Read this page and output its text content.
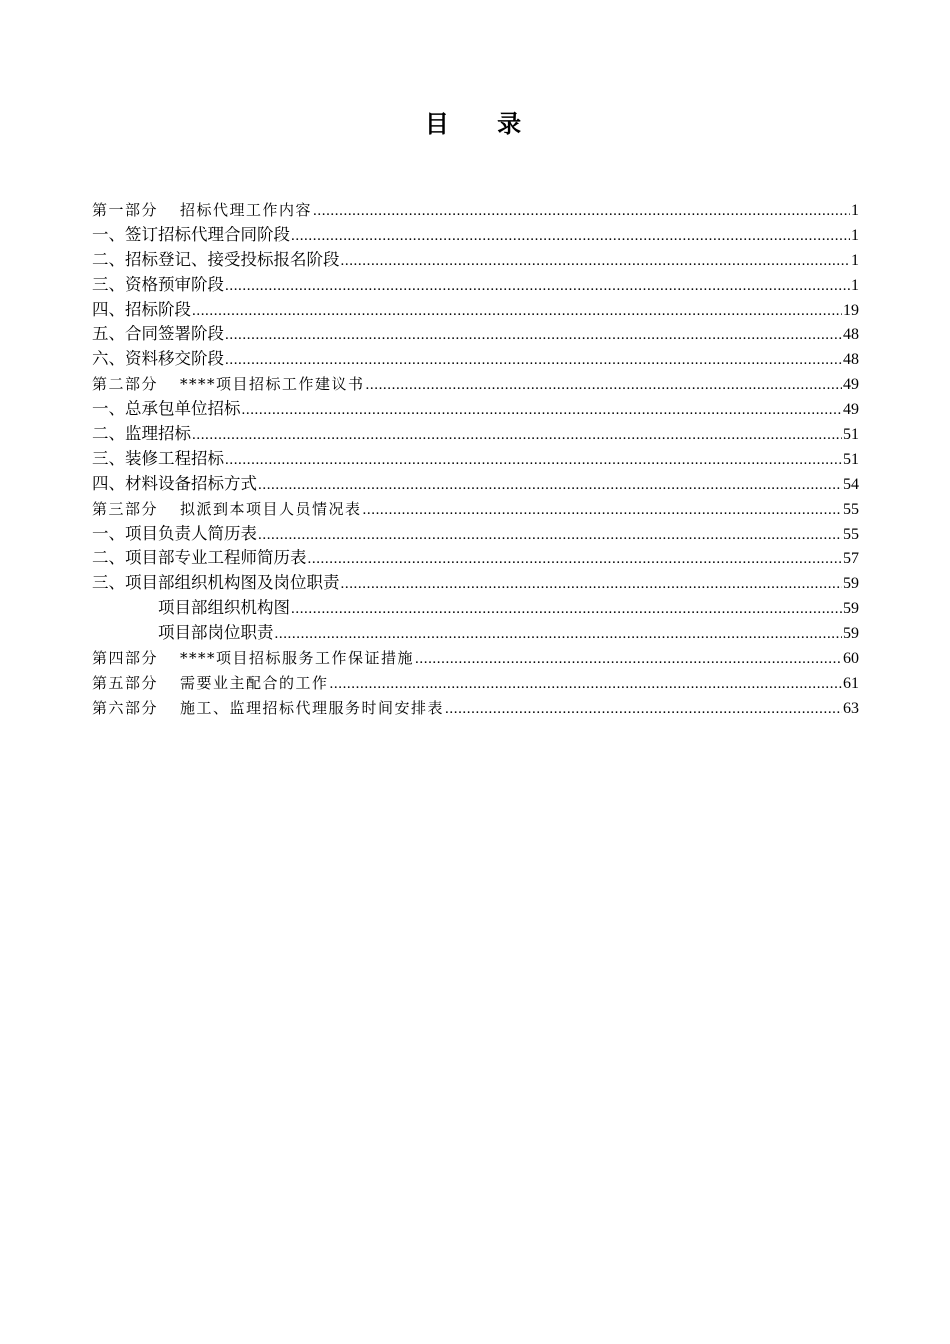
目 录
第一部分 招标代理工作内容 .....	1
一、签订招标代理合同阶段 .....	1
二、招标登记、接受投标报名阶段 .....	1
三、资格预审阶段 .....	1
四、招标阶段 .....	19
五、合同签署阶段 .....	48
六、资料移交阶段 .....	48
第二部分 ****项目招标工作建议书 .....	49
一、总承包单位招标 .....	49
二、监理招标 .....	51
三、装修工程招标 .....	51
四、材料设备招标方式 .....	54
第三部分 拟派到本项目人员情况表 .....	55
一、项目负责人简历表 .....	55
二、项目部专业工程师简历表 .....	57
三、项目部组织机构图及岗位职责 .....	59
项目部组织机构图 .....	59
项目部岗位职责 .....	59
第四部分 ****项目招标服务工作保证措施 .....	60
第五部分 需要业主配合的工作 .....	61
第六部分 施工、监理招标代理服务时间安排表 .....	63
